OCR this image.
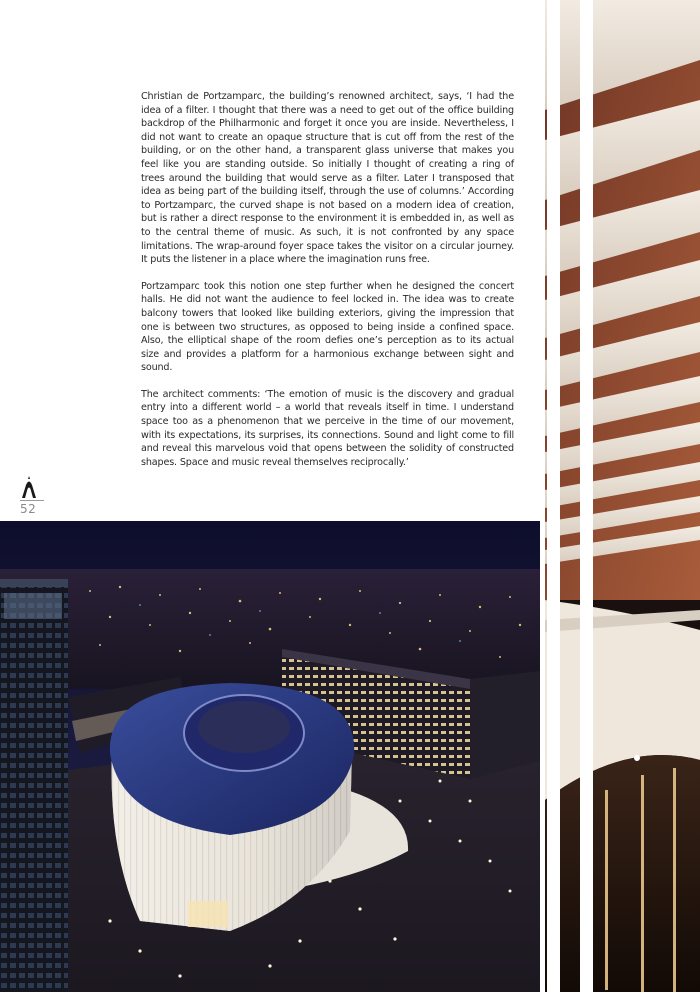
Christian de Portzamparc, the building’s renowned architect, says, ‘I had the idea of a filter. I thought that there was a need to get out of the office building backdrop of the Philharmonic and forget it once you are inside. Nevertheless, I did not want to create an opaque structure that is cut off from the rest of the building, or on the other hand, a transparent glass universe that makes you feel like you are standing outside. So initially I thought of creating a ring of trees around the building that would serve as a filter. Later I transposed that idea as being part of the building itself, through the use of columns.’ According to Portzamparc, the curved shape is not based on a modern idea of creation, but is rather a direct response to the environment it is embedded in, as well as to the central theme of music. As such, it is not confronted by any space limitations. The wrap-around foyer space takes the visitor on a circular journey. It puts the listener in a place where the imagination runs free.

Portzamparc took this notion one step further when he designed the concert halls. He did not want the audience to feel locked in. The idea was to create balcony towers that looked like building exteriors, giving the impression that one is between two structures, as opposed to being inside a confined space. Also, the elliptical shape of the room defies one’s perception as to its actual size and provides a platform for a harmonious exchange between sight and sound.

The architect comments: ‘The emotion of music is the discovery and gradual entry into a different world – a world that reveals itself in time. I understand space too as a phenomenon that we perceive in the time of our movement, with its expectations, its surprises, its connections. Sound and light come to fill and reveal this marvelous void that opens between the solidity of constructed shapes. Space and music reveal themselves reciprocally.’

52
